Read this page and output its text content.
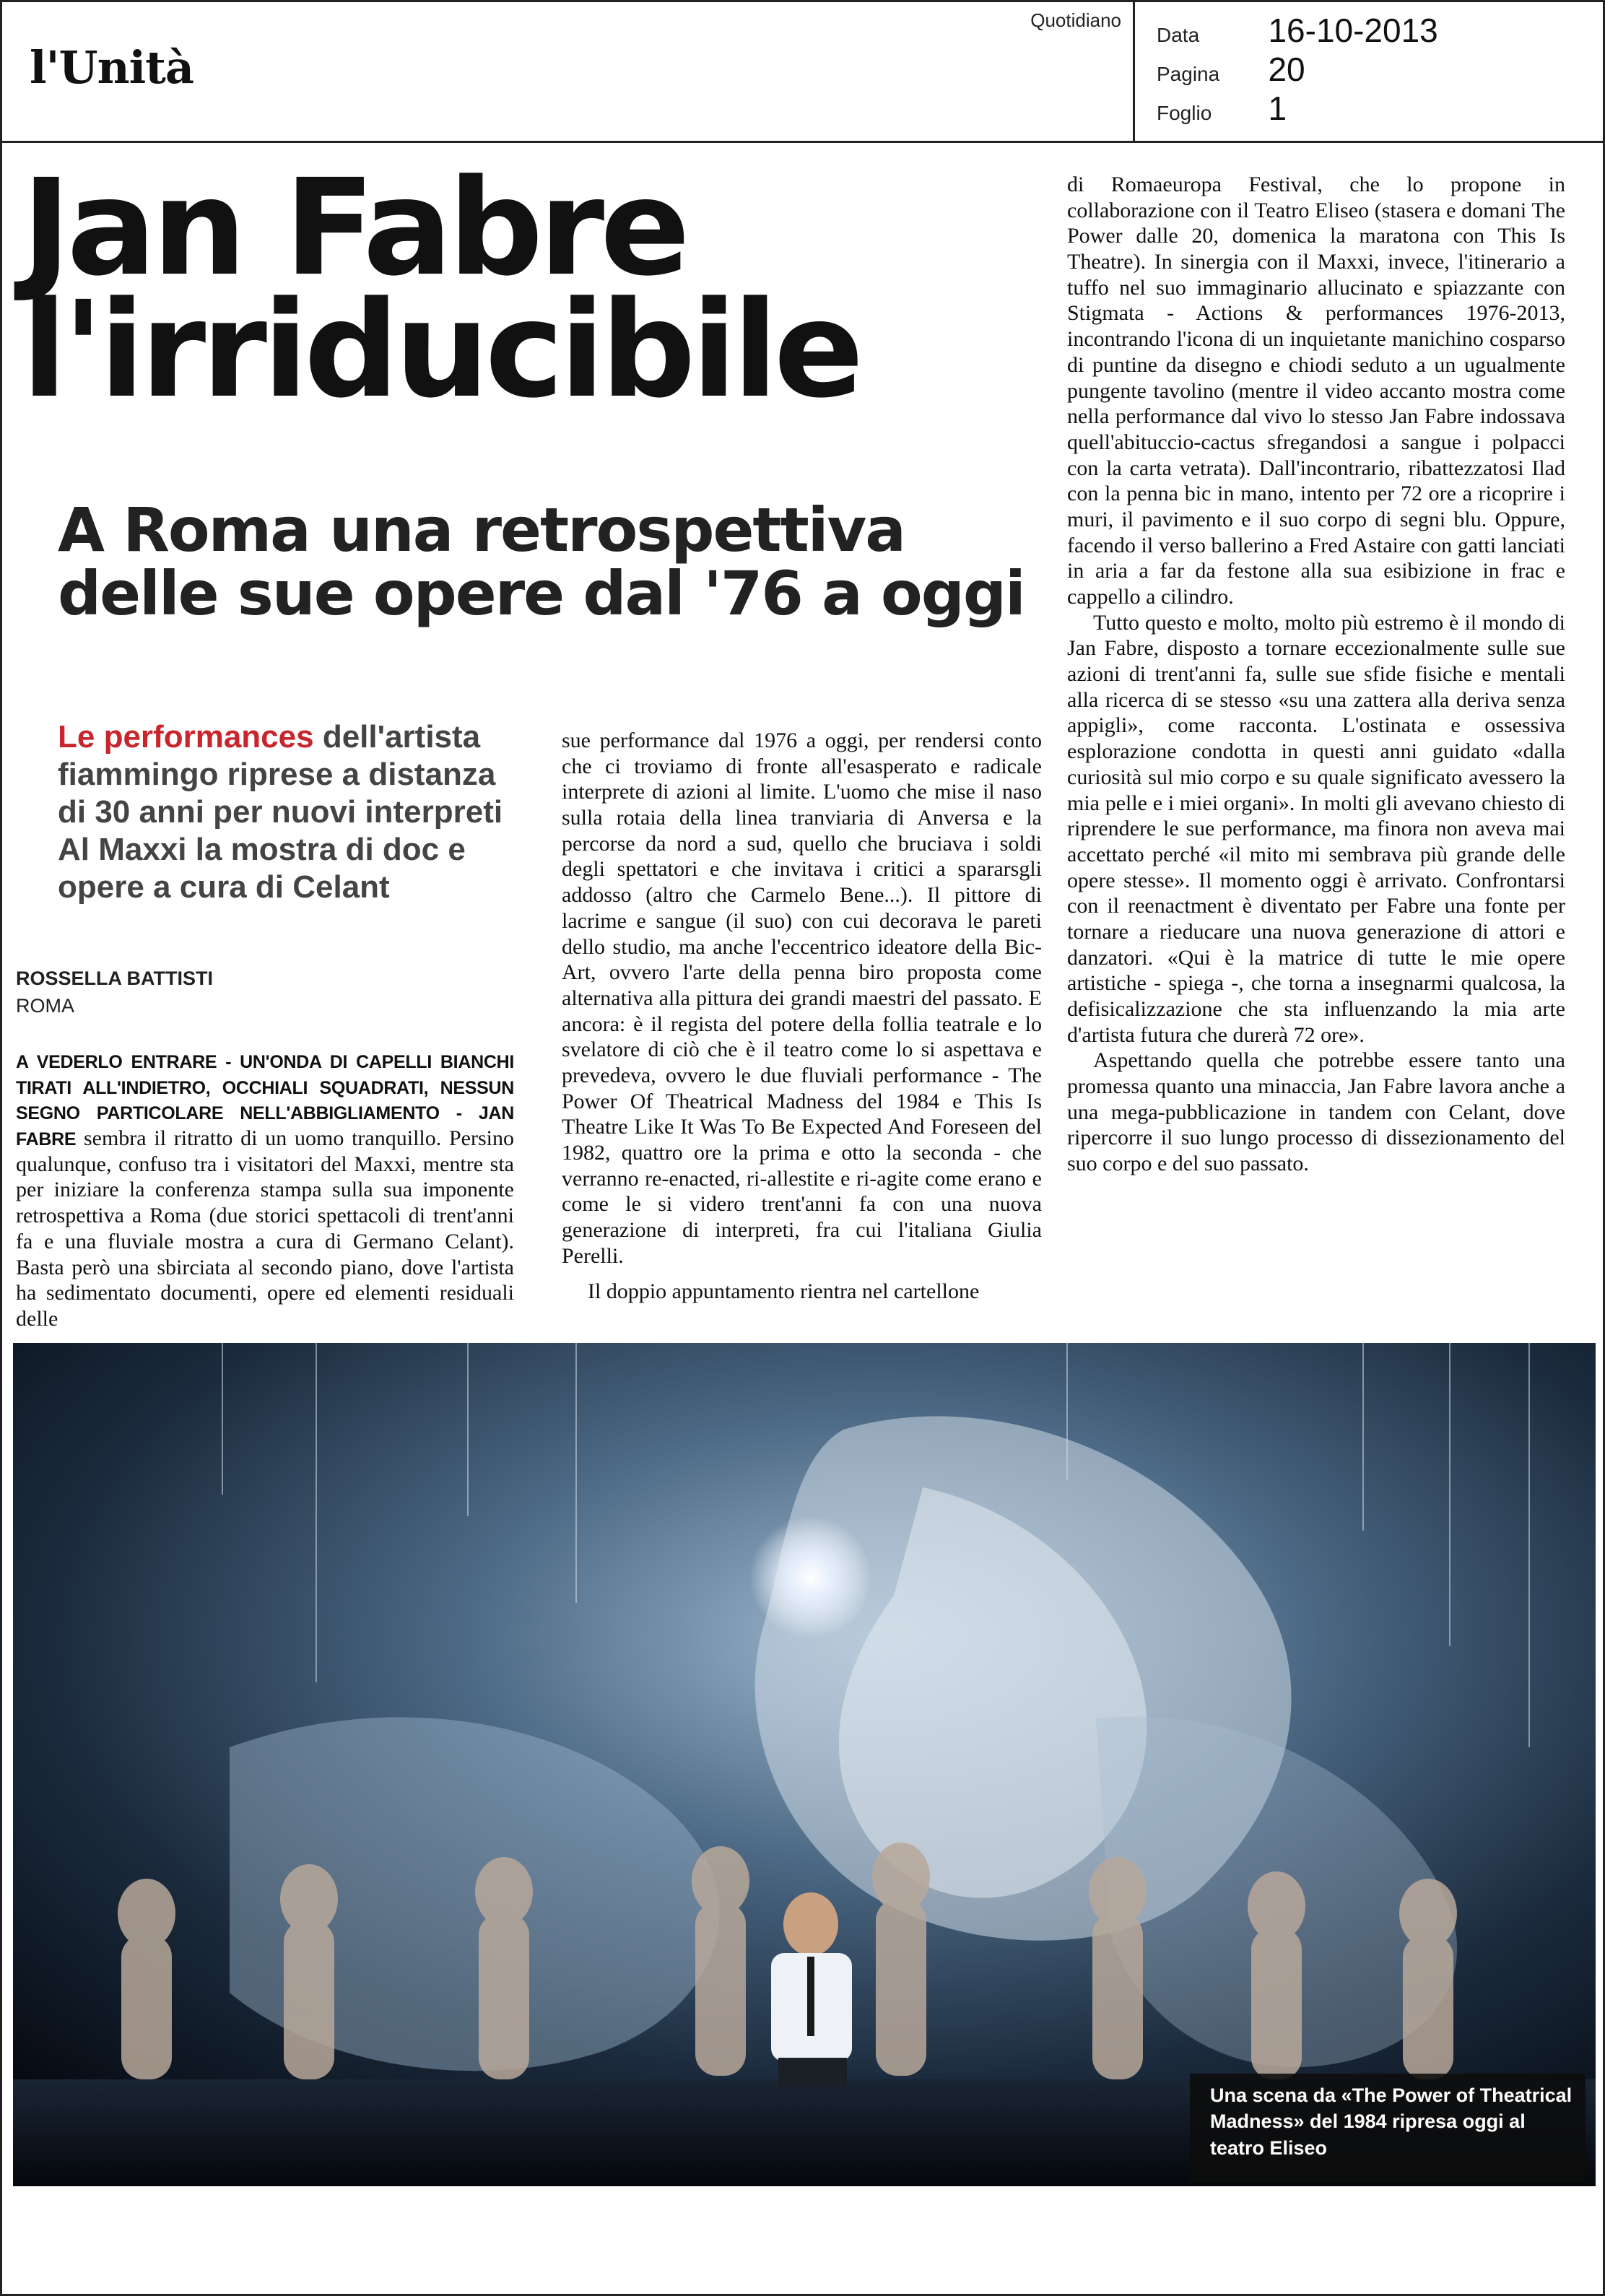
l'Unità
Quotidiano
Data 16-10-2013
Pagina 20
Foglio 1
Jan Fabre
l'irriducibile
A Roma una retrospettiva
delle sue opere dal '76 a oggi
Le performances dell'artista fiammingo riprese a distanza di 30 anni per nuovi interpreti Al Maxxi la mostra di doc e opere a cura di Celant
ROSSELLA BATTISTI
ROMA

A VEDERLO ENTRARE - UN'ONDA DI CAPELLI BIANCHI TIRATI ALL'INDIETRO, OCCHIALI SQUADRATI, NESSUN SEGNO PARTICOLARE NELL'ABBIGLIAMENTO - JAN FABRE sembra il ritratto di un uomo tranquillo. Persino qualunque, confuso tra i visitatori del Maxxi, mentre sta per iniziare la conferenza stampa sulla sua imponente retrospettiva a Roma (due storici spettacoli di trent'anni fa e una fluviale mostra a cura di Germano Celant). Basta però una sbirciata al secondo piano, dove l'artista ha sedimentato documenti, opere ed elementi residuali delle

sue performance dal 1976 a oggi, per rendersi conto che ci troviamo di fronte all'esasperato e radicale interprete di azioni al limite. L'uomo che mise il naso sulla rotaia della linea tranviaria di Anversa e la percorse da nord a sud, quello che bruciava i soldi degli spettatori e che invitava i critici a spararsgli addosso (altro che Carmelo Bene...). Il pittore di lacrime e sangue (il suo) con cui decorava le pareti dello studio, ma anche l'eccentrico ideatore della Bic-Art, ovvero l'arte della penna biro proposta come alternativa alla pittura dei grandi maestri del passato. E ancora: è il regista del potere della follia teatrale e lo svelatore di ciò che è il teatro come lo si aspettava e prevedeva, ovvero le due fluviali performance - The Power Of Theatrical Madness del 1984 e This Is Theatre Like It Was To Be Expected And Foreseen del 1982, quattro ore la prima e otto la seconda - che verranno re-enacted, ri-allestite e ri-agite come erano e come le si videro trent'anni fa con una nuova generazione di interpreti, fra cui l'italiana Giulia Perelli.

Il doppio appuntamento rientra nel cartellone

di Romaeuropa Festival, che lo propone in collaborazione con il Teatro Eliseo (stasera e domani The Power dalle 20, domenica la maratona con This Is Theatre). In sinergia con il Maxxi, invece, l'itinerario a tuffo nel suo immaginario allucinato e spiazzante con Stigmata - Actions & performances 1976-2013, incontrando l'icona di un inquietante manichino cosparso di puntine da disegno e chiodi seduto a un ugualmente pungente tavolino (mentre il video accanto mostra come nella performance dal vivo lo stesso Jan Fabre indossava quell'abituccio-cactus sfregandosi a sangue i polpacci con la carta vetrata). Dall'incontrario, ribattezzatosi Ilad con la penna bic in mano, intento per 72 ore a ricoprire i muri, il pavimento e il suo corpo di segni blu. Oppure, facendo il verso ballerino a Fred Astaire con gatti lanciati in aria a far da festone alla sua esibizione in frac e cappello a cilindro.

Tutto questo e molto, molto più estremo è il mondo di Jan Fabre, disposto a tornare eccezionalmente sulle sue azioni di trent'anni fa, sulle sue sfide fisiche e mentali alla ricerca di se stesso «su una zattera alla deriva senza appigli», come racconta. L'ostinata e ossessiva esplorazione condotta in questi anni guidato «dalla curiosità sul mio corpo e su quale significato avessero la mia pelle e i miei organi». In molti gli avevano chiesto di riprendere le sue performance, ma finora non aveva mai accettato perché «il mito mi sembrava più grande delle opere stesse». Il momento oggi è arrivato. Confrontarsi con il reenactment è diventato per Fabre una fonte per tornare a rieducare una nuova generazione di attori e danzatori. «Qui è la matrice di tutte le mie opere artistiche - spiega -, che torna a insegnarmi qualcosa, la defisicalizzazione che sta influenzando la mia arte d'artista futura che durerà 72 ore».

Aspettando quella che potrebbe essere tanto una promessa quanto una minaccia, Jan Fabre lavora anche a una mega-pubblicazione in tandem con Celant, dove ripercorre il suo lungo processo di dissezionamento del suo corpo e del suo passato.

Una scena da «The Power of Theatrical Madness» del 1984 ripresa oggi al teatro Eliseo
